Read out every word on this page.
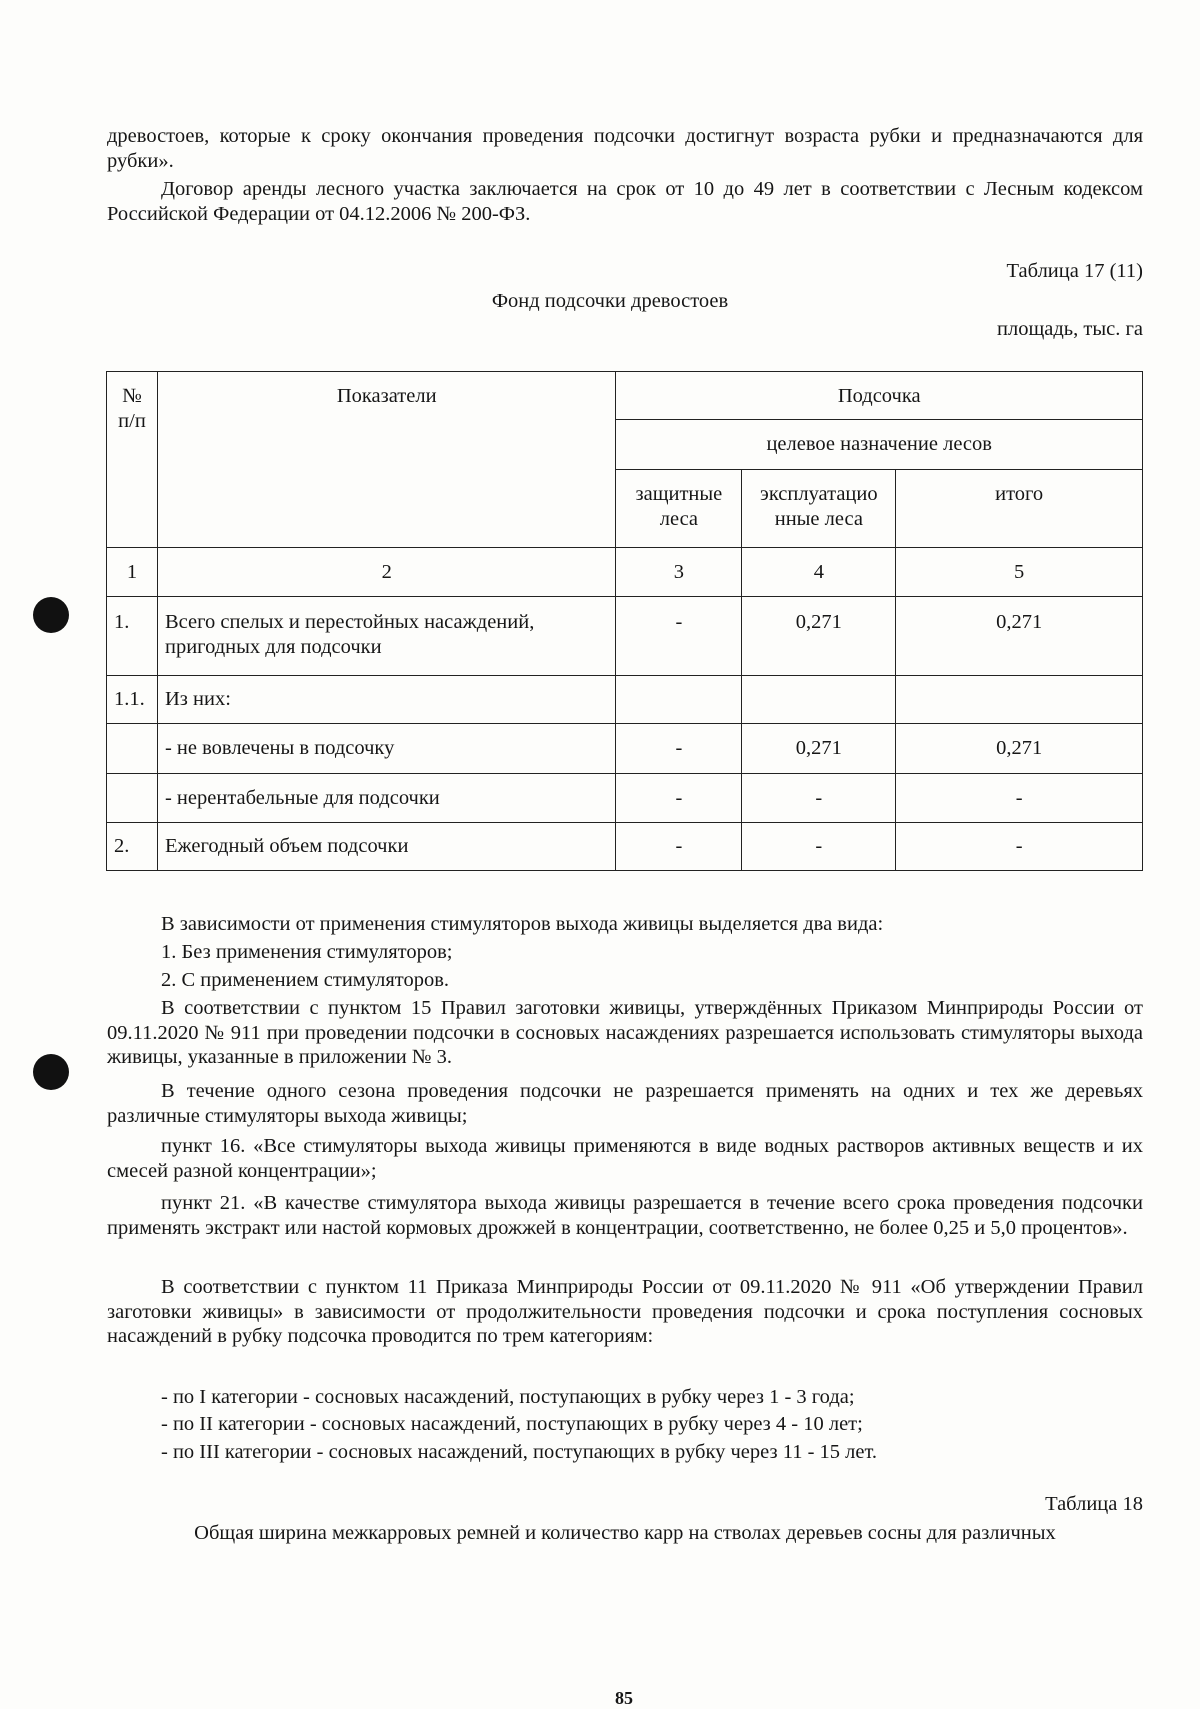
древостоев, которые к сроку окончания проведения подсочки достигнут возраста рубки и предназначаются для рубки».
Договор аренды лесного участка заключается на срок от 10 до 49 лет в соответствии с Лесным кодексом Российской Федерации от 04.12.2006 № 200-ФЗ.
Таблица 17 (11)
Фонд подсочки древостоев
площадь, тыс. га
№ п/п	Показатели	Подсочка		
		целевое назначение лесов		
		защитные леса	эксплуатацио нные леса	итого
1	2	3	4	5
1.	Всего спелых и перестойных насаждений, пригодных для подсочки	-	0,271	0,271
1.1.	Из них:			
	- не вовлечены в подсочку	-	0,271	0,271
	- нерентабельные для подсочки	-	-	-
2.	Ежегодный объем подсочки	-	-	-
В зависимости от применения стимуляторов выхода живицы выделяется два вида:
1. Без применения стимуляторов;
2. С применением стимуляторов.
В соответствии с пунктом 15 Правил заготовки живицы, утверждённых Приказом Минприроды России от 09.11.2020 № 911 при проведении подсочки в сосновых насаждениях разрешается использовать стимуляторы выхода живицы, указанные в приложении № 3.
В течение одного сезона проведения подсочки не разрешается применять на одних и тех же деревьях различные стимуляторы выхода живицы;
пункт 16. «Все стимуляторы выхода живицы применяются в виде водных растворов активных веществ и их смесей разной концентрации»;
пункт 21. «В качестве стимулятора выхода живицы разрешается в течение всего срока проведения подсочки применять экстракт или настой кормовых дрожжей в концентрации, соответственно, не более 0,25 и 5,0 процентов».
В соответствии с пунктом 11 Приказа Минприроды России от 09.11.2020 № 911 «Об утверждении Правил заготовки живицы» в зависимости от продолжительности проведения подсочки и срока поступления сосновых насаждений в рубку подсочка проводится по трем категориям:
- по I категории - сосновых насаждений, поступающих в рубку через 1 - 3 года;
- по II категории - сосновых насаждений, поступающих в рубку через 4 - 10 лет;
- по III категории - сосновых насаждений, поступающих в рубку через 11 - 15 лет.
Таблица 18
Общая ширина межкарровых ремней и количество карр на стволах деревьев сосны для различных
85
